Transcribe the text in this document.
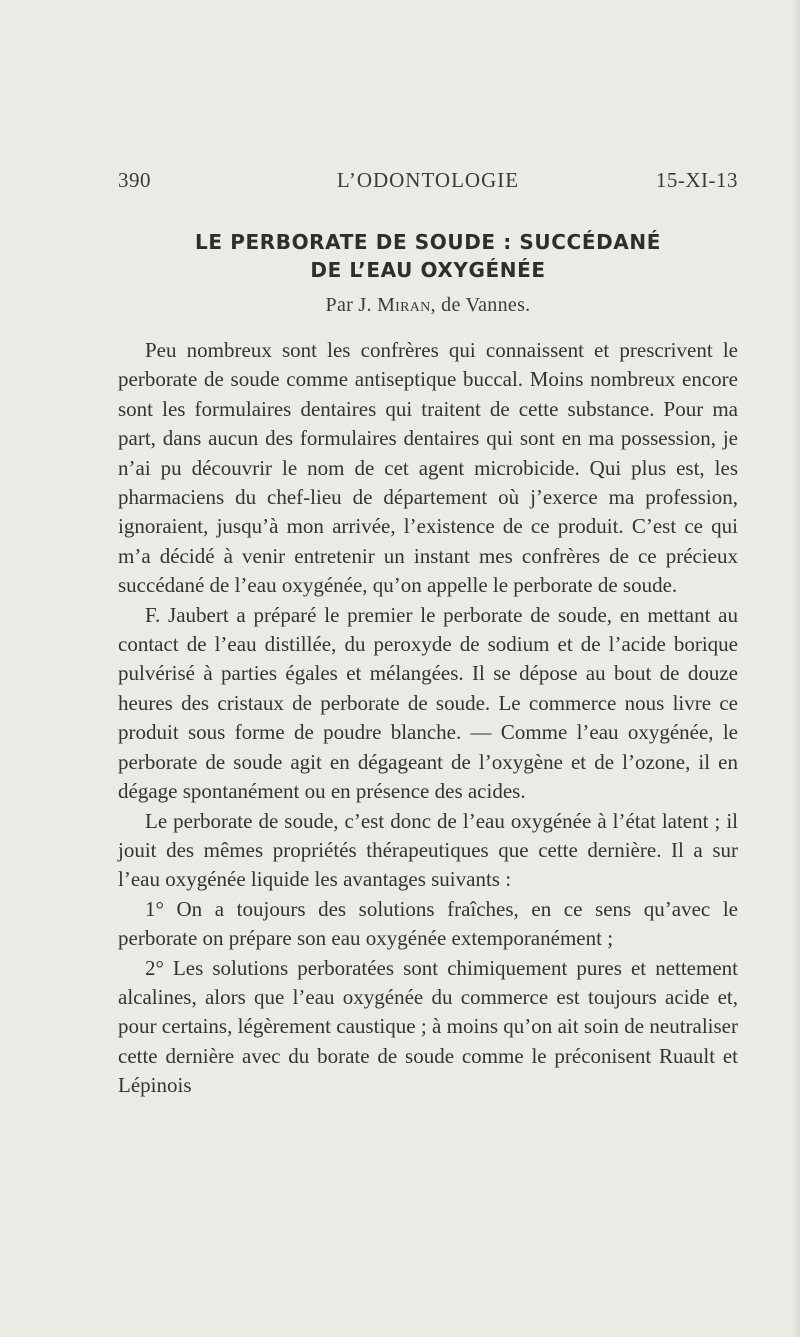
390	L’ODONTOLOGIE	15-XI-13
LE PERBORATE DE SOUDE : SUCCÉDANÉ
DE L’EAU OXYGÉNÉE
Par J. Miran, de Vannes.

Peu nombreux sont les confrères qui connaissent et prescrivent le perborate de soude comme antiseptique buccal. Moins nombreux encore sont les formulaires dentaires qui traitent de cette substance. Pour ma part, dans aucun des formulaires dentaires qui sont en ma possession, je n’ai pu découvrir le nom de cet agent microbicide. Qui plus est, les pharmaciens du chef-lieu de département où j’exerce ma profession, ignoraient, jusqu’à mon arrivée, l’existence de ce produit. C’est ce qui m’a décidé à venir entretenir un instant mes confrères de ce précieux succédané de l’eau oxygénée, qu’on appelle le perborate de soude.

F. Jaubert a préparé le premier le perborate de soude, en mettant au contact de l’eau distillée, du peroxyde de sodium et de l’acide borique pulvérisé à parties égales et mélangées. Il se dépose au bout de douze heures des cristaux de perborate de soude. Le commerce nous livre ce produit sous forme de poudre blanche. — Comme l’eau oxygénée, le perborate de soude agit en dégageant de l’oxygène et de l’ozone, il en dégage spontanément ou en présence des acides.

Le perborate de soude, c’est donc de l’eau oxygénée à l’état latent ; il jouit des mêmes propriétés thérapeutiques que cette dernière. Il a sur l’eau oxygénée liquide les avantages suivants :

1° On a toujours des solutions fraîches, en ce sens qu’avec le perborate on prépare son eau oxygénée extemporanément ;

2° Les solutions perboratées sont chimiquement pures et nettement alcalines, alors que l’eau oxygénée du commerce est toujours acide et, pour certains, légèrement caustique ; à moins qu’on ait soin de neutraliser cette dernière avec du borate de soude comme le préconisent Ruault et Lépinois
